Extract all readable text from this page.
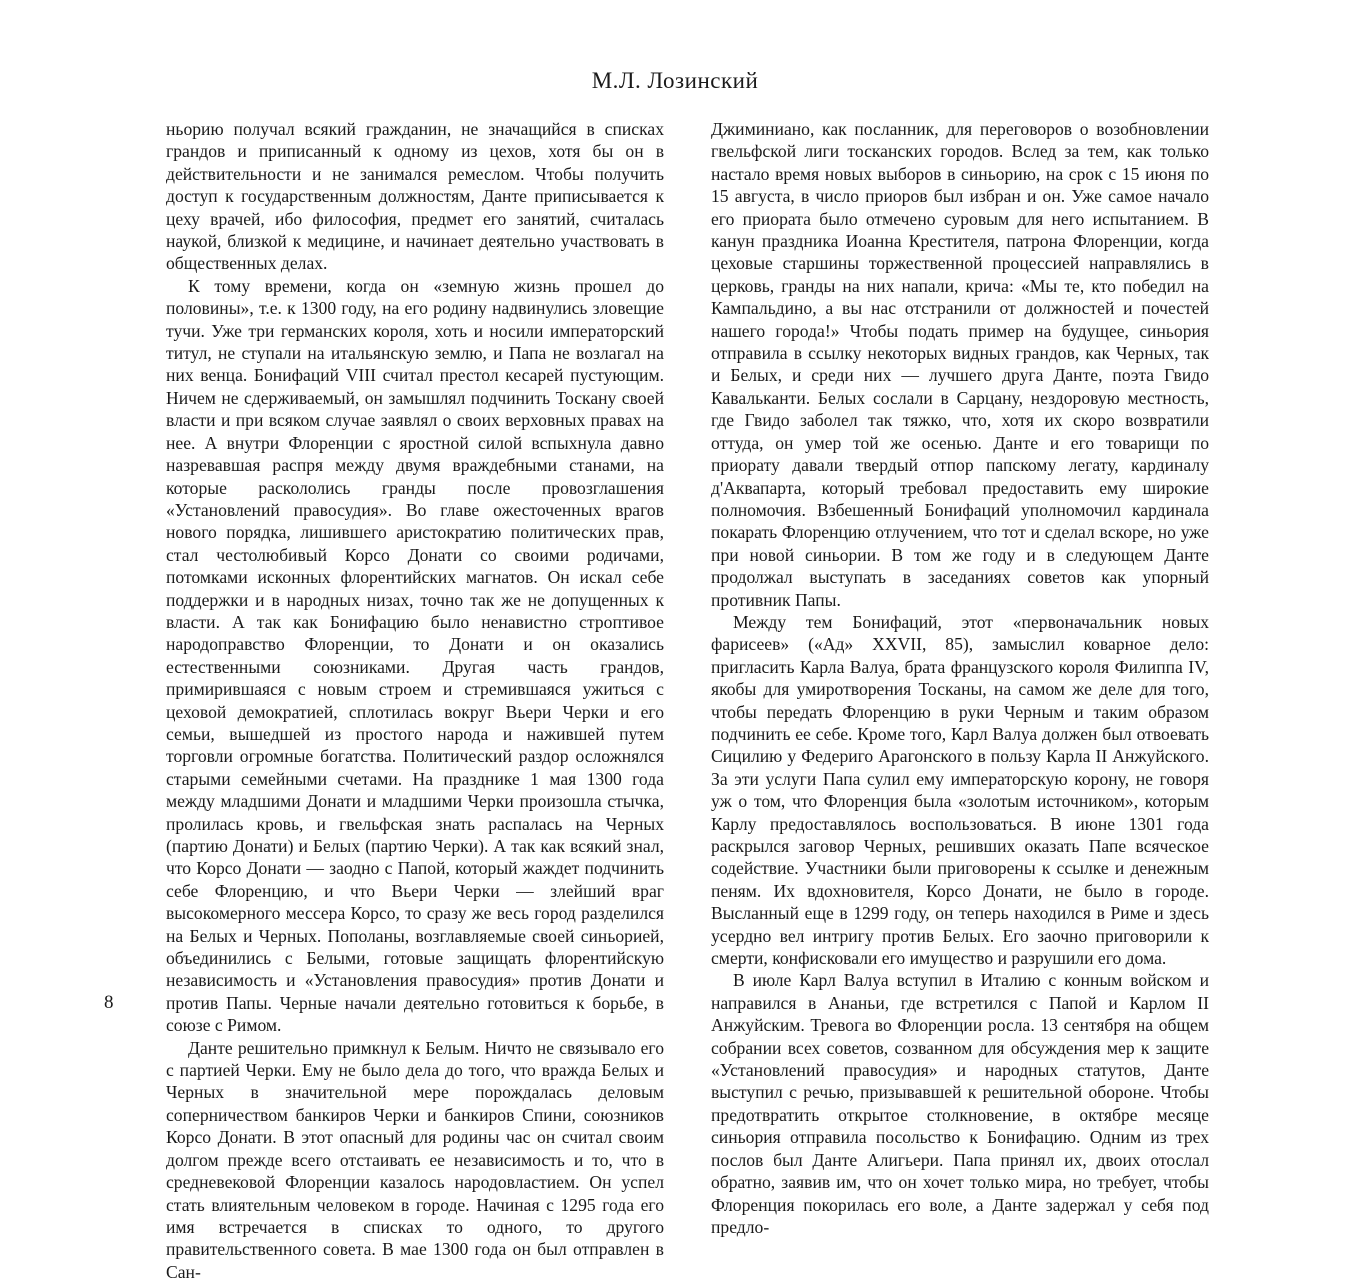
М.Л. Лозинский

ньорию получал всякий гражданин, не значащийся в списках грандов и приписанный к одному из цехов, хотя бы он в действительности и не занимался ремеслом. Чтобы получить доступ к государственным должностям, Данте приписывается к цеху врачей, ибо философия, предмет его занятий, считалась наукой, близкой к медицине, и начинает деятельно участвовать в общественных делах.

К тому времени, когда он «земную жизнь прошел до половины», т.е. к 1300 году, на его родину надвинулись зловещие тучи. Уже три германских короля, хоть и носили императорский титул, не ступали на итальянскую землю, и Папа не возлагал на них венца. Бонифаций VIII считал престол кесарей пустующим. Ничем не сдерживаемый, он замышлял подчинить Тоскану своей власти и при всяком случае заявлял о своих верховных правах на нее. А внутри Флоренции с яростной силой вспыхнула давно назревавшая распря между двумя враждебными станами, на которые раскололись гранды после провозглашения «Установлений правосудия». Во главе ожесточенных врагов нового порядка, лишившего аристократию политических прав, стал честолюбивый Корсо Донати со своими родичами, потомками исконных флорентийских магнатов. Он искал себе поддержки и в народных низах, точно так же не допущенных к власти. А так как Бонифацию было ненавистно строптивое народоправство Флоренции, то Донати и он оказались естественными союзниками. Другая часть грандов, примирившаяся с новым строем и стремившаяся ужиться с цеховой демократией, сплотилась вокруг Вьери Черки и его семьи, вышедшей из простого народа и нажившей путем торговли огромные богатства. Политический раздор осложнялся старыми семейными счетами. На празднике 1 мая 1300 года между младшими Донати и младшими Черки произошла стычка, пролилась кровь, и гвельфская знать распалась на Черных (партию Донати) и Белых (партию Черки). А так как всякий знал, что Корсо Донати — заодно с Папой, который жаждет подчинить себе Флоренцию, и что Вьери Черки — злейший враг высокомерного мессера Корсо, то сразу же весь город разделился на Белых и Черных. Пополаны, возглавляемые своей синьорией, объединились с Белыми, готовые защищать флорентийскую независимость и «Установления правосудия» против Донати и против Папы. Черные начали деятельно готовиться к борьбе, в союзе с Римом.

Данте решительно примкнул к Белым. Ничто не связывало его с партией Черки. Ему не было дела до того, что вражда Белых и Черных в значительной мере порождалась деловым соперничеством банкиров Черки и банкиров Спини, союзников Корсо Донати. В этот опасный для родины час он считал своим долгом прежде всего отстаивать ее независимость и то, что в средневековой Флоренции казалось народовластием. Он успел стать влиятельным человеком в городе. Начиная с 1295 года его имя встречается в списках то одного, то другого правительственного совета. В мае 1300 года он был отправлен в Сан-

Джиминиано, как посланник, для переговоров о возобновлении гвельфской лиги тосканских городов. Вслед за тем, как только настало время новых выборов в синьорию, на срок с 15 июня по 15 августа, в число приоров был избран и он. Уже самое начало его приората было отмечено суровым для него испытанием. В канун праздника Иоанна Крестителя, патрона Флоренции, когда цеховые старшины торжественной процессией направлялись в церковь, гранды на них напали, крича: «Мы те, кто победил на Кампальдино, а вы нас отстранили от должностей и почестей нашего города!» Чтобы подать пример на будущее, синьория отправила в ссылку некоторых видных грандов, как Черных, так и Белых, и среди них — лучшего друга Данте, поэта Гвидо Кавальканти. Белых сослали в Сарцану, нездоровую местность, где Гвидо заболел так тяжко, что, хотя их скоро возвратили оттуда, он умер той же осенью. Данте и его товарищи по приорату давали твердый отпор папскому легату, кардиналу д'Аквапарта, который требовал предоставить ему широкие полномочия. Взбешенный Бонифаций уполномочил кардинала покарать Флоренцию отлучением, что тот и сделал вскоре, но уже при новой синьории. В том же году и в следующем Данте продолжал выступать в заседаниях советов как упорный противник Папы.

Между тем Бонифаций, этот «первоначальник новых фарисеев» («Ад» XXVII, 85), замыслил коварное дело: пригласить Карла Валуа, брата французского короля Филиппа IV, якобы для умиротворения Тосканы, на самом же деле для того, чтобы передать Флоренцию в руки Черным и таким образом подчинить ее себе. Кроме того, Карл Валуа должен был отвоевать Сицилию у Федериго Арагонского в пользу Карла II Анжуйского. За эти услуги Папа сулил ему императорскую корону, не говоря уж о том, что Флоренция была «золотым источником», которым Карлу предоставлялось воспользоваться. В июне 1301 года раскрылся заговор Черных, решивших оказать Папе всяческое содействие. Участники были приговорены к ссылке и денежным пеням. Их вдохновителя, Корсо Донати, не было в городе. Высланный еще в 1299 году, он теперь находился в Риме и здесь усердно вел интригу против Белых. Его заочно приговорили к смерти, конфисковали его имущество и разрушили его дома.

В июле Карл Валуа вступил в Италию с конным войском и направился в Ананьи, где встретился с Папой и Карлом II Анжуйским. Тревога во Флоренции росла. 13 сентября на общем собрании всех советов, созванном для обсуждения мер к защите «Установлений правосудия» и народных статутов, Данте выступил с речью, призывавшей к решительной обороне. Чтобы предотвратить открытое столкновение, в октябре месяце синьория отправила посольство к Бонифацию. Одним из трех послов был Данте Алигьери. Папа принял их, двоих отослал обратно, заявив им, что он хочет только мира, но требует, чтобы Флоренция покорилась его воле, а Данте задержал у себя под предло-

8
